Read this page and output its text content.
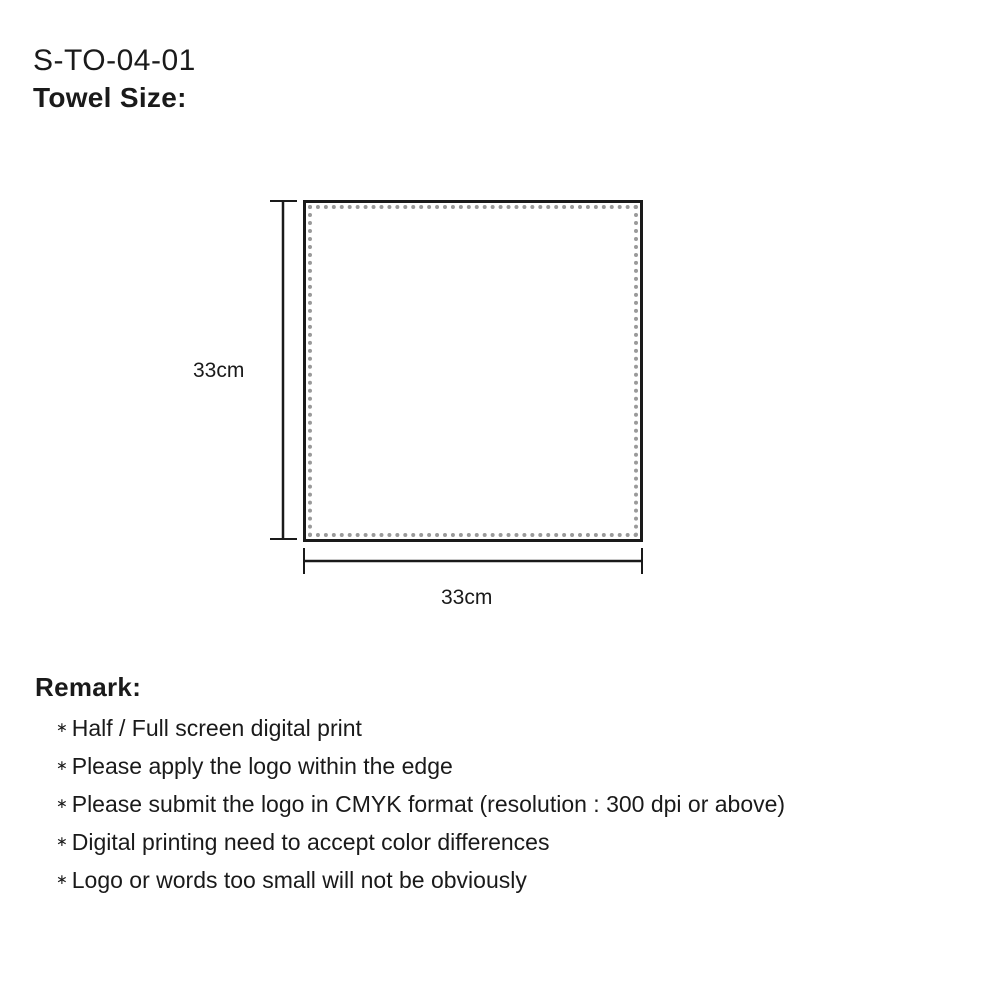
S-TO-04-01
Towel Size:
33cm
33cm
Remark:
∗ Half / Full screen digital print
∗ Please apply the logo within the edge
∗ Please submit the logo in CMYK format (resolution : 300 dpi or above)
∗ Digital printing need to accept color differences
∗ Logo or words too small will not be obviously
